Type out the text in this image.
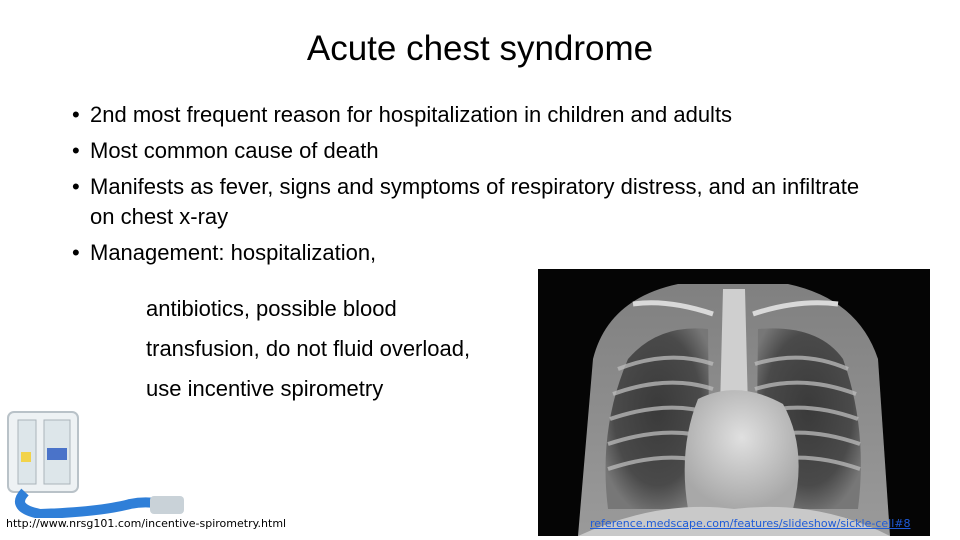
Acute chest syndrome
• 2nd most frequent reason for hospitalization in children and adults
• Most common cause of death
• Manifests as fever, signs and symptoms of respiratory distress, and an infiltrate on chest x-ray
• Management: hospitalization,
antibiotics, possible blood
transfusion, do not fluid overload,
use incentive spirometry
http://www.nrsg101.com/incentive-spirometry.html	reference.medscape.com/features/slideshow/sickle-cell#8
